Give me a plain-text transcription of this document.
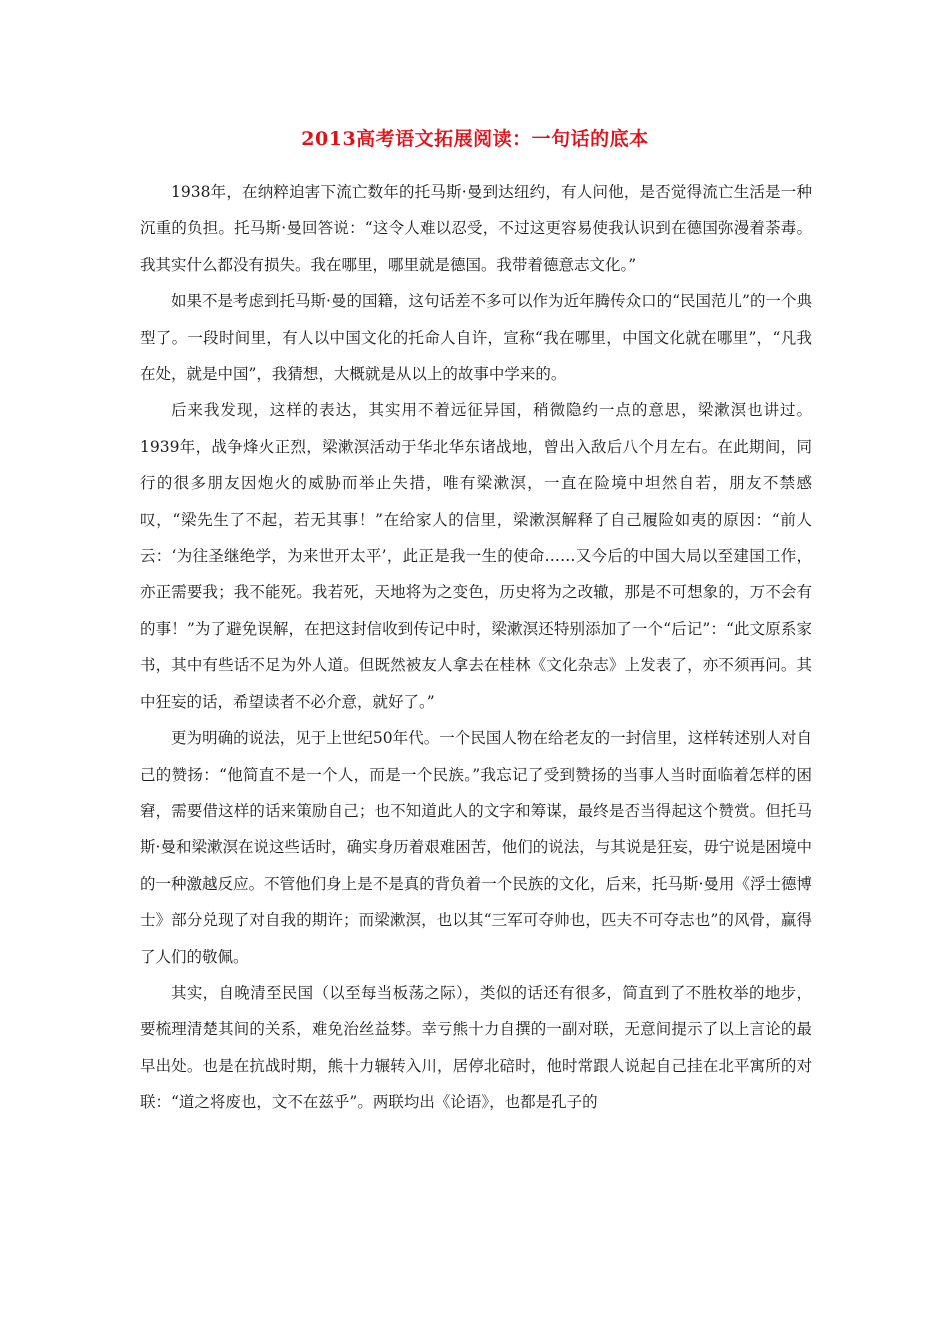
2013高考语文拓展阅读：一句话的底本

1938年，在纳粹迫害下流亡数年的托马斯·曼到达纽约，有人问他，是否觉得流亡生活是一种沉重的负担。托马斯·曼回答说：“这令人难以忍受，不过这更容易使我认识到在德国弥漫着荼毒。我其实什么都没有损失。我在哪里，哪里就是德国。我带着德意志文化。”

如果不是考虑到托马斯·曼的国籍，这句话差不多可以作为近年腾传众口的“民国范儿”的一个典型了。一段时间里，有人以中国文化的托命人自许，宣称“我在哪里，中国文化就在哪里”，“凡我在处，就是中国”，我猜想，大概就是从以上的故事中学来的。

后来我发现，这样的表达，其实用不着远征异国，稍微隐约一点的意思，梁漱溟也讲过。1939年，战争烽火正烈，梁漱溟活动于华北华东诸战地，曾出入敌后八个月左右。在此期间，同行的很多朋友因炮火的威胁而举止失措，唯有梁漱溟，一直在险境中坦然自若，朋友不禁感叹，“梁先生了不起，若无其事！”在给家人的信里，梁漱溟解释了自己履险如夷的原因：“前人云：‘为往圣继绝学，为来世开太平’，此正是我一生的使命……又今后的中国大局以至建国工作，亦正需要我；我不能死。我若死，天地将为之变色，历史将为之改辙，那是不可想象的，万不会有的事！”为了避免误解，在把这封信收到传记中时，梁漱溟还特别添加了一个“后记”：“此文原系家书，其中有些话不足为外人道。但既然被友人拿去在桂林《文化杂志》上发表了，亦不须再问。其中狂妄的话，希望读者不必介意，就好了。”

更为明确的说法，见于上世纪50年代。一个民国人物在给老友的一封信里，这样转述别人对自己的赞扬：“他简直不是一个人，而是一个民族。”我忘记了受到赞扬的当事人当时面临着怎样的困窘，需要借这样的话来策励自己；也不知道此人的文字和筹谋，最终是否当得起这个赞赏。但托马斯·曼和梁漱溟在说这些话时，确实身历着艰难困苦，他们的说法，与其说是狂妄，毋宁说是困境中的一种激越反应。不管他们身上是不是真的背负着一个民族的文化，后来，托马斯·曼用《浮士德博士》部分兑现了对自我的期许；而梁漱溟，也以其“三军可夺帅也，匹夫不可夺志也”的风骨，赢得了人们的敬佩。

其实，自晚清至民国（以至每当板荡之际），类似的话还有很多，简直到了不胜枚举的地步，要梳理清楚其间的关系，难免治丝益棼。幸亏熊十力自撰的一副对联，无意间提示了以上言论的最早出处。也是在抗战时期，熊十力辗转入川，居停北碚时，他时常跟人说起自己挂在北平寓所的对联：“道之将废也，文不在兹乎”。两联均出《论语》，也都是孔子的
